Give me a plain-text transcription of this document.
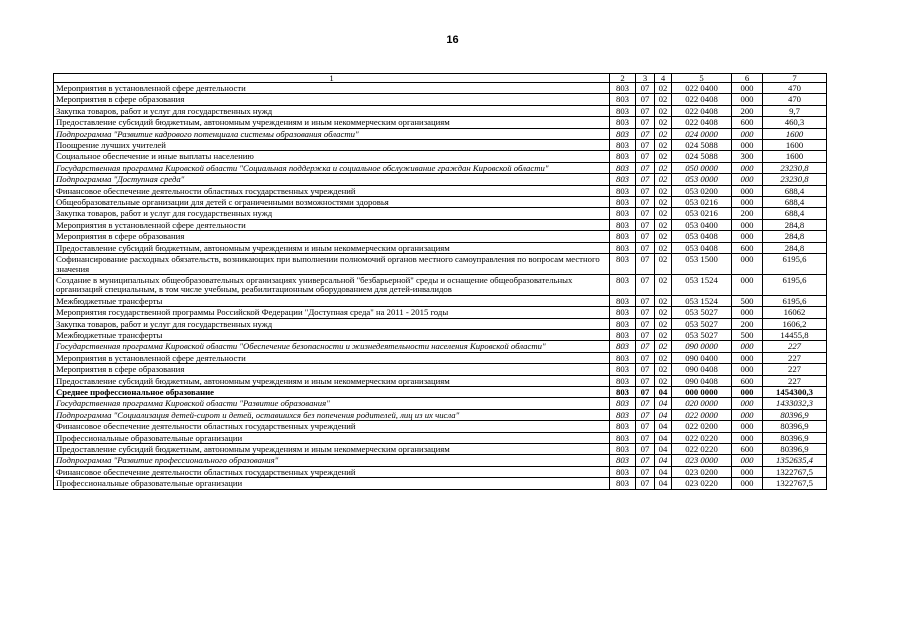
16
1	2	3	4	5	6	7
Мероприятия в установленной сфере деятельности	803	07	02	022 0400	000	470
Мероприятия в сфере образования	803	07	02	022 0408	000	470
Закупка товаров, работ и услуг для государственных нужд	803	07	02	022 0408	200	9,7
Предоставление субсидий бюджетным, автономным учреждениям и иным некоммерческим организациям	803	07	02	022 0408	600	460,3
Подпрограмма "Развитие кадрового потенциала системы образования области"	803	07	02	024 0000	000	1600
Поощрение лучших учителей	803	07	02	024 5088	000	1600
Социальное обеспечение и иные выплаты населению	803	07	02	024 5088	300	1600
Государственная программа Кировской области "Социальная поддержка и социальное обслуживание граждан Кировской области"	803	07	02	050 0000	000	23230,8
Подпрограмма "Доступная среда"	803	07	02	053 0000	000	23230,8
Финансовое обеспечение деятельности областных государственных учреждений	803	07	02	053 0200	000	688,4
Общеобразовательные организации для детей с ограниченными возможностями здоровья	803	07	02	053 0216	000	688,4
Закупка товаров, работ и услуг для государственных нужд	803	07	02	053 0216	200	688,4
Мероприятия в установленной сфере деятельности	803	07	02	053 0400	000	284,8
Мероприятия в сфере образования	803	07	02	053 0408	000	284,8
Предоставление субсидий бюджетным, автономным учреждениям и иным некоммерческим организациям	803	07	02	053 0408	600	284,8
Софинансирование расходных обязательств, возникающих при выполнении полномочий органов местного самоуправления по вопросам местного значения	803	07	02	053 1500	000	6195,6
Создание в муниципальных общеобразовательных организациях универсальной "безбарьерной" среды и оснащение общеобразовательных организаций специальным, в том числе учебным, реабилитационным оборудованием для детей-инвалидов	803	07	02	053 1524	000	6195,6
Межбюджетные трансферты	803	07	02	053 1524	500	6195,6
Мероприятия государственной программы Российской Федерации "Доступная среда" на 2011 - 2015 годы	803	07	02	053 5027	000	16062
Закупка товаров, работ и услуг для государственных нужд	803	07	02	053 5027	200	1606,2
Межбюджетные трансферты	803	07	02	053 5027	500	14455,8
Государственная программа Кировской области "Обеспечение безопасности и жизнедеятельности населения Кировской области"	803	07	02	090 0000	000	227
Мероприятия в установленной сфере деятельности	803	07	02	090 0400	000	227
Мероприятия в сфере образования	803	07	02	090 0408	000	227
Предоставление субсидий бюджетным, автономным учреждениям и иным некоммерческим организациям	803	07	02	090 0408	600	227
Среднее профессиональное образование	803	07	04	000 0000	000	1454300,3
Государственная программа Кировской области "Развитие образования"	803	07	04	020 0000	000	1433032,3
Подпрограмма "Социализация детей-сирот и детей, оставшихся без попечения родителей, лиц из их числа"	803	07	04	022 0000	000	80396,9
Финансовое обеспечение деятельности областных государственных учреждений	803	07	04	022 0200	000	80396,9
Профессиональные образовательные организации	803	07	04	022 0220	000	80396,9
Предоставление субсидий бюджетным, автономным учреждениям и иным некоммерческим организациям	803	07	04	022 0220	600	80396,9
Подпрограмма "Развитие профессионального образования"	803	07	04	023 0000	000	1352635,4
Финансовое обеспечение деятельности областных государственных учреждений	803	07	04	023 0200	000	1322767,5
Профессиональные образовательные организации	803	07	04	023 0220	000	1322767,5
